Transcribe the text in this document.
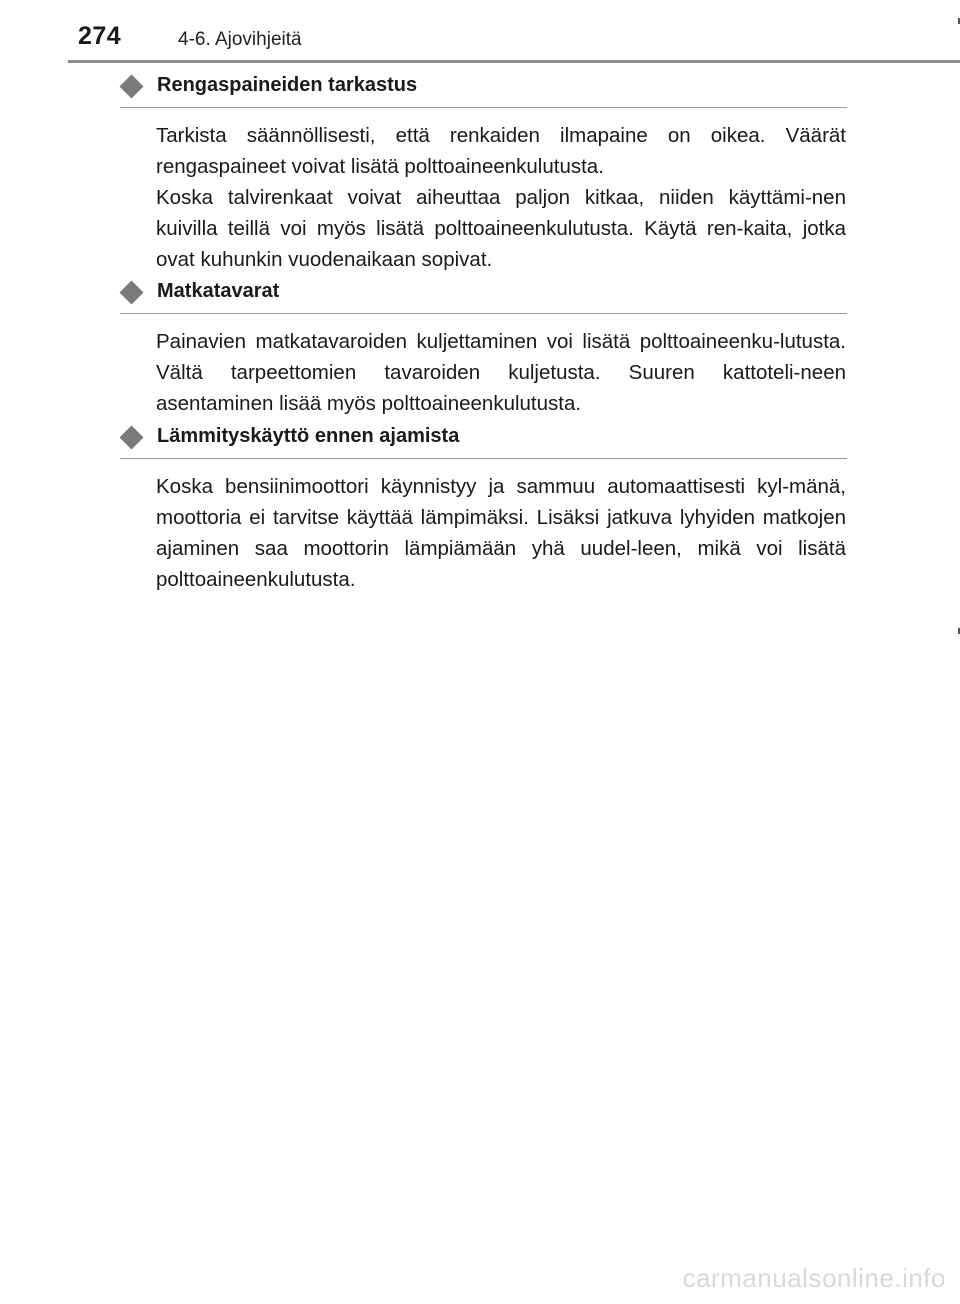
274	4-6. Ajovihjeitä
Rengaspaineiden tarkastus

Tarkista säännöllisesti, että renkaiden ilmapaine on oikea. Väärät rengaspaineet voivat lisätä polttoaineenkulutusta.

Koska talvirenkaat voivat aiheuttaa paljon kitkaa, niiden käyttämi-nen kuivilla teillä voi myös lisätä polttoaineenkulutusta. Käytä ren-kaita, jotka ovat kuhunkin vuodenaikaan sopivat.

Matkatavarat

Painavien matkatavaroiden kuljettaminen voi lisätä polttoaineenku-lutusta. Vältä tarpeettomien tavaroiden kuljetusta. Suuren kattoteli-neen asentaminen lisää myös polttoaineenkulutusta.

Lämmityskäyttö ennen ajamista

Koska bensiinimoottori käynnistyy ja sammuu automaattisesti kyl-mänä, moottoria ei tarvitse käyttää lämpimäksi. Lisäksi jatkuva lyhyiden matkojen ajaminen saa moottorin lämpiämään yhä uudel-leen, mikä voi lisätä polttoaineenkulutusta.

carmanualsonline.info
